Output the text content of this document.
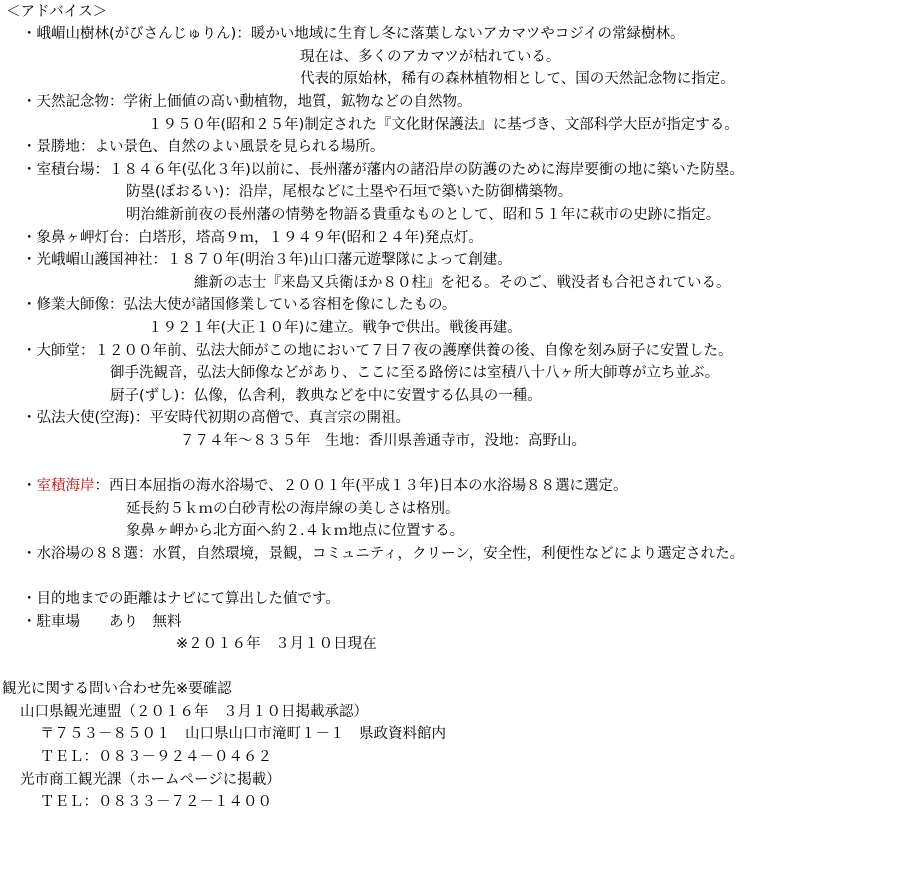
＜アドバイス＞
・峨嵋山樹林(がびさんじゅりん)：暖かい地域に生育し冬に落葉しないアカマツやコジイの常緑樹林。
現在は、多くのアカマツが枯れている。
代表的原始林，稀有の森林植物相として、国の天然記念物に指定。
・天然記念物：学術上価値の高い動植物，地質，鉱物などの自然物。
１９５０年(昭和２５年)制定された『文化財保護法』に基づき、文部科学大臣が指定する。
・景勝地：よい景色、自然のよい風景を見られる場所。
・室積台場：１８４６年(弘化３年)以前に、長州藩が藩内の諸沿岸の防護のために海岸要衝の地に築いた防塁。
防塁(ぼおるい)：沿岸，尾根などに土塁や石垣で築いた防御構築物。
明治維新前夜の長州藩の情勢を物語る貴重なものとして、昭和５１年に萩市の史跡に指定。
・象鼻ヶ岬灯台：白塔形，塔高９ｍ，１９４９年(昭和２４年)発点灯。
・光峨嵋山護国神社：１８７０年(明治３年)山口藩元遊撃隊によって創建。
維新の志士『来島又兵衛ほか８０柱』を祀る。そのご、戦没者も合祀されている。
・修業大師像：弘法大使が諸国修業している容相を像にしたもの。
１９２１年(大正１０年)に建立。戦争で供出。戦後再建。
・大師堂：１２００年前、弘法大師がこの地において７日７夜の護摩供養の後、自像を刻み厨子に安置した。
御手洗観音，弘法大師像などがあり、ここに至る路傍には室積八十八ヶ所大師尊が立ち並ぶ。
厨子(ずし)：仏像，仏舎利，教典などを中に安置する仏具の一種。
・弘法大使(空海)：平安時代初期の高僧で、真言宗の開祖。
７７４年～８３５年　生地：香川県善通寺市，没地：高野山。
・室積海岸：西日本屈指の海水浴場で、２００１年(平成１３年)日本の水浴場８８選に選定。
延長約５ｋｍの白砂青松の海岸線の美しさは格別。
象鼻ヶ岬から北方面へ約２.４ｋｍ地点に位置する。
・水浴場の８８選：水質，自然環境，景観，コミュニティ，クリーン，安全性，利便性などにより選定された。
・目的地までの距離はナビにて算出した値です。
・駐車場　　あり　無料
※２０１６年　３月１０日現在
観光に関する問い合わせ先※要確認
山口県観光連盟（２０１６年　３月１０日掲載承認）
〒７５３－８５０１　山口県山口市滝町１－１　県政資料館内
ＴＥＬ：０８３－９２４－０４６２
光市商工観光課（ホームページに掲載）
ＴＥＬ：０８３３－７２－１４００
